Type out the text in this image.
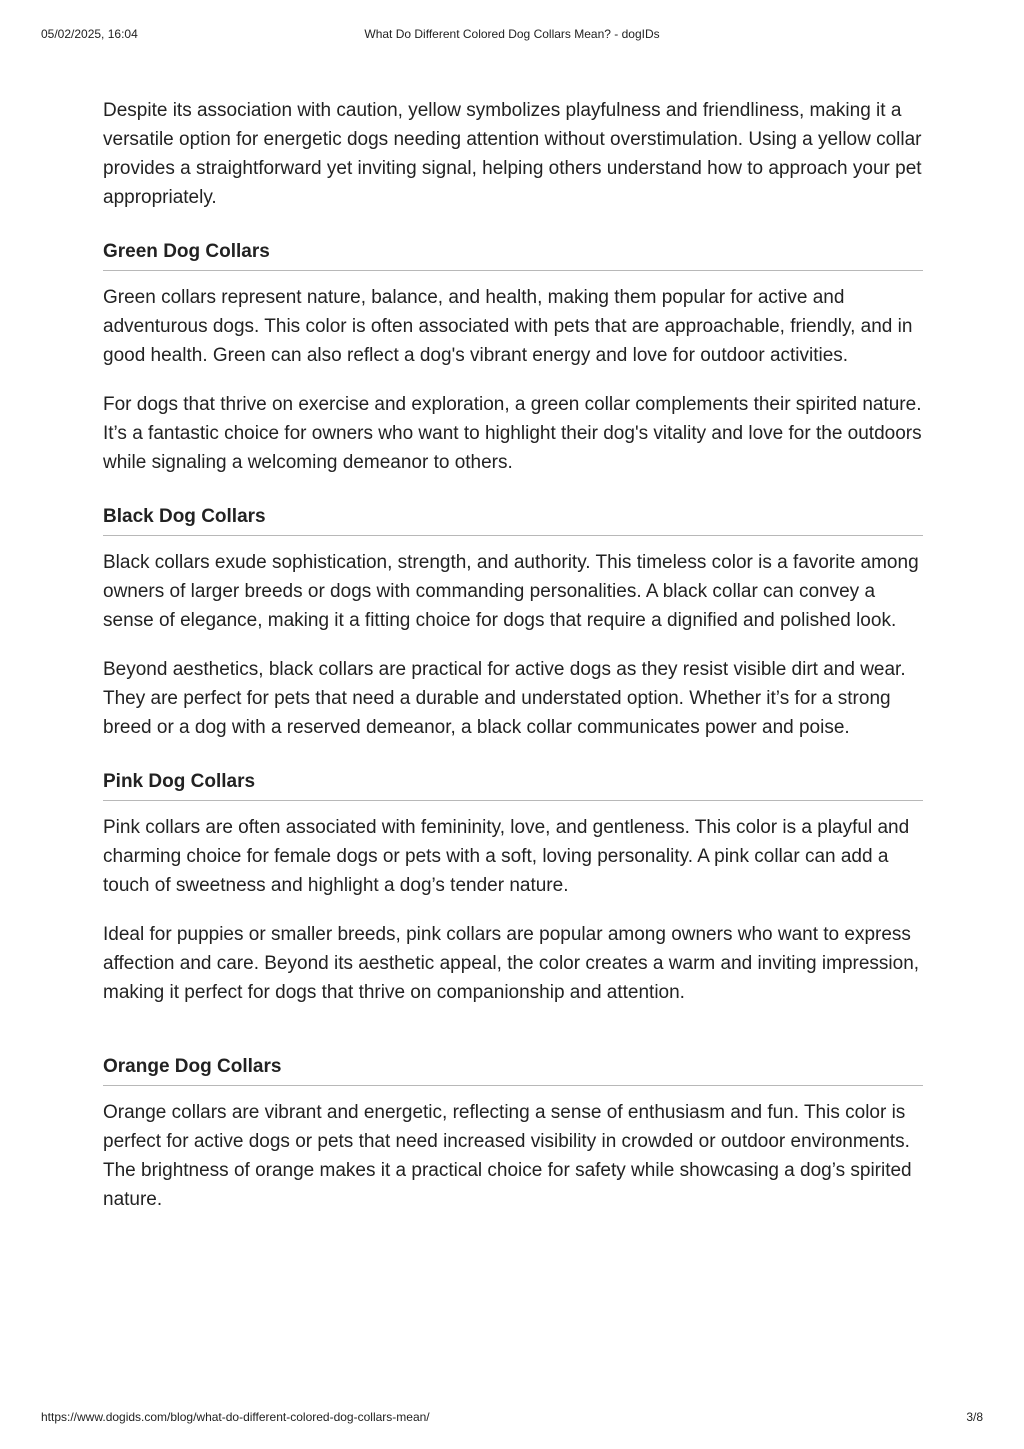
05/02/2025, 16:04	What Do Different Colored Dog Collars Mean? - dogIDs

Despite its association with caution, yellow symbolizes playfulness and friendliness, making it a versatile option for energetic dogs needing attention without overstimulation. Using a yellow collar provides a straightforward yet inviting signal, helping others understand how to approach your pet appropriately.

Green Dog Collars

Green collars represent nature, balance, and health, making them popular for active and adventurous dogs. This color is often associated with pets that are approachable, friendly, and in good health. Green can also reflect a dog's vibrant energy and love for outdoor activities.

For dogs that thrive on exercise and exploration, a green collar complements their spirited nature. It’s a fantastic choice for owners who want to highlight their dog's vitality and love for the outdoors while signaling a welcoming demeanor to others.

Black Dog Collars

Black collars exude sophistication, strength, and authority. This timeless color is a favorite among owners of larger breeds or dogs with commanding personalities. A black collar can convey a sense of elegance, making it a fitting choice for dogs that require a dignified and polished look.

Beyond aesthetics, black collars are practical for active dogs as they resist visible dirt and wear. They are perfect for pets that need a durable and understated option. Whether it’s for a strong breed or a dog with a reserved demeanor, a black collar communicates power and poise.

Pink Dog Collars

Pink collars are often associated with femininity, love, and gentleness. This color is a playful and charming choice for female dogs or pets with a soft, loving personality. A pink collar can add a touch of sweetness and highlight a dog’s tender nature.

Ideal for puppies or smaller breeds, pink collars are popular among owners who want to express affection and care. Beyond its aesthetic appeal, the color creates a warm and inviting impression, making it perfect for dogs that thrive on companionship and attention.

Orange Dog Collars

Orange collars are vibrant and energetic, reflecting a sense of enthusiasm and fun. This color is perfect for active dogs or pets that need increased visibility in crowded or outdoor environments. The brightness of orange makes it a practical choice for safety while showcasing a dog’s spirited nature.

https://www.dogids.com/blog/what-do-different-colored-dog-collars-mean/	3/8
